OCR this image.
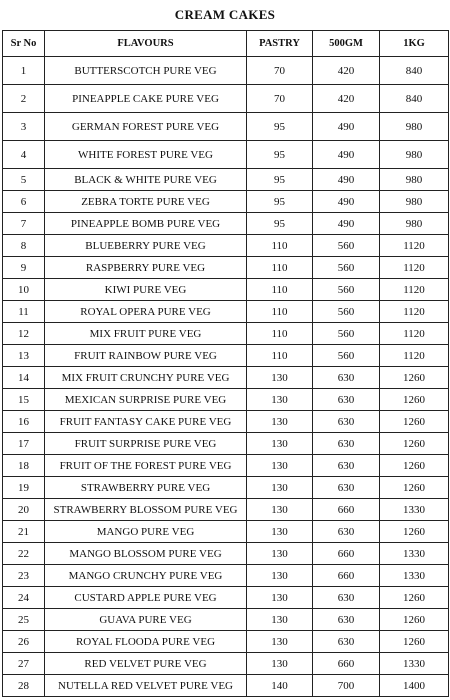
CREAM CAKES
Sr No	FLAVOURS	PASTRY	500GM	1KG
1	BUTTERSCOTCH PURE VEG	70	420	840
2	PINEAPPLE CAKE PURE VEG	70	420	840
3	GERMAN FOREST PURE VEG	95	490	980
4	WHITE FOREST PURE VEG	95	490	980
5	BLACK & WHITE PURE VEG	95	490	980
6	ZEBRA TORTE PURE VEG	95	490	980
7	PINEAPPLE BOMB PURE VEG	95	490	980
8	BLUEBERRY PURE VEG	110	560	1120
9	RASPBERRY PURE VEG	110	560	1120
10	KIWI PURE VEG	110	560	1120
11	ROYAL OPERA PURE VEG	110	560	1120
12	MIX FRUIT PURE VEG	110	560	1120
13	FRUIT RAINBOW PURE VEG	110	560	1120
14	MIX FRUIT CRUNCHY PURE VEG	130	630	1260
15	MEXICAN SURPRISE PURE VEG	130	630	1260
16	FRUIT FANTASY CAKE PURE VEG	130	630	1260
17	FRUIT SURPRISE PURE VEG	130	630	1260
18	FRUIT OF THE FOREST PURE VEG	130	630	1260
19	STRAWBERRY PURE VEG	130	630	1260
20	STRAWBERRY BLOSSOM PURE VEG	130	660	1330
21	MANGO PURE VEG	130	630	1260
22	MANGO BLOSSOM PURE VEG	130	660	1330
23	MANGO CRUNCHY PURE VEG	130	660	1330
24	CUSTARD APPLE PURE VEG	130	630	1260
25	GUAVA PURE VEG	130	630	1260
26	ROYAL FLOODA PURE VEG	130	630	1260
27	RED VELVET PURE VEG	130	660	1330
28	NUTELLA RED VELVET PURE VEG	140	700	1400
